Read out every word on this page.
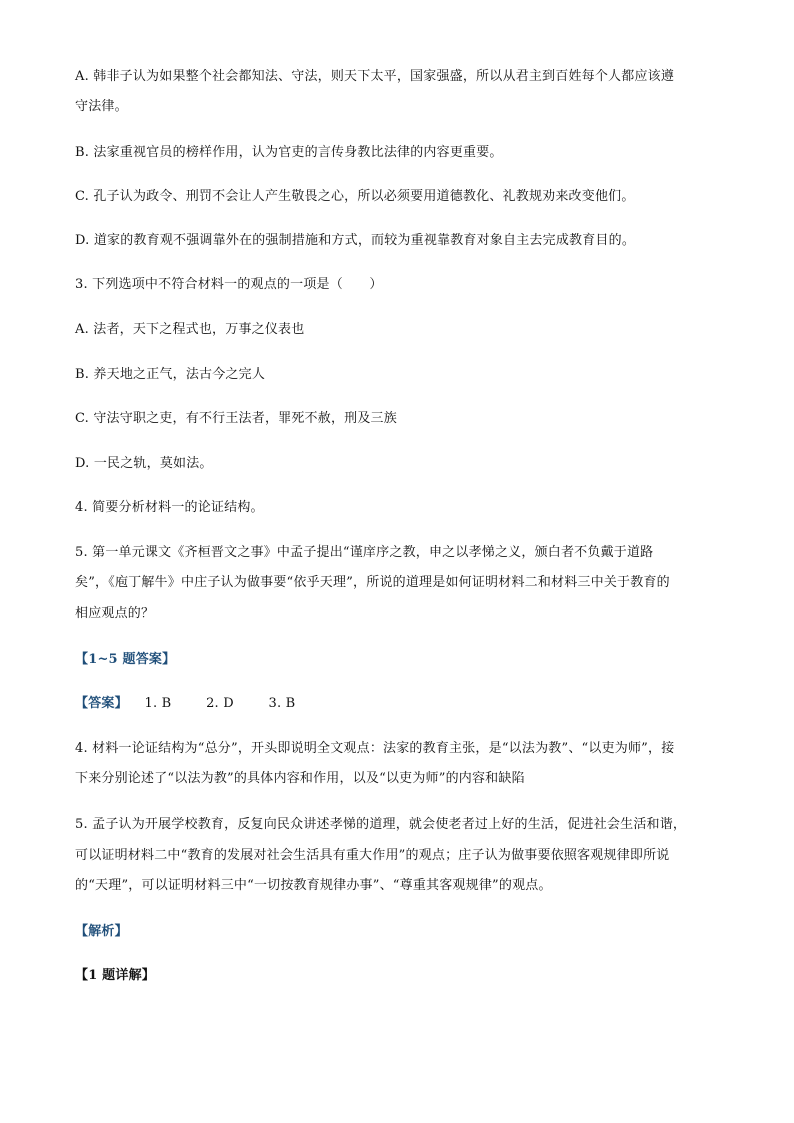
A. 韩非子认为如果整个社会都知法、守法，则天下太平，国家强盛，所以从君主到百姓每个人都应该遵
守法律。
B. 法家重视官员的榜样作用，认为官吏的言传身教比法律的内容更重要。
C. 孔子认为政令、刑罚不会让人产生敬畏之心，所以必须要用道德教化、礼教规劝来改变他们。
D. 道家的教育观不强调靠外在的强制措施和方式，而较为重视靠教育对象自主去完成教育目的。
3. 下列选项中不符合材料一的观点的一项是（　　）
A. 法者，天下之程式也，万事之仪表也
B. 养天地之正气，法古今之完人
C. 守法守职之吏，有不行王法者，罪死不赦，刑及三族
D. 一民之轨，莫如法。
4. 简要分析材料一的论证结构。
5. 第一单元课文《齐桓晋文之事》中孟子提出“谨庠序之教，申之以孝悌之义，颁白者不负戴于道路
矣”，《庖丁解牛》中庄子认为做事要“依乎天理”，所说的道理是如何证明材料二和材料三中关于教育的
相应观点的？
【1~5 题答案】
【答案】 1. B	2. D	3. B
4. 材料一论证结构为“总分”，开头即说明全文观点：法家的教育主张，是“以法为教”、“以吏为师”，接
下来分别论述了“以法为教”的具体内容和作用，以及“以吏为师”的内容和缺陷
5. 孟子认为开展学校教育，反复向民众讲述孝悌的道理，就会使老者过上好的生活，促进社会生活和谐，
可以证明材料二中“教育的发展对社会生活具有重大作用”的观点；庄子认为做事要依照客观规律即所说
的“天理”，可以证明材料三中“一切按教育规律办事”、“尊重其客观规律”的观点。
【解析】
【1 题详解】
